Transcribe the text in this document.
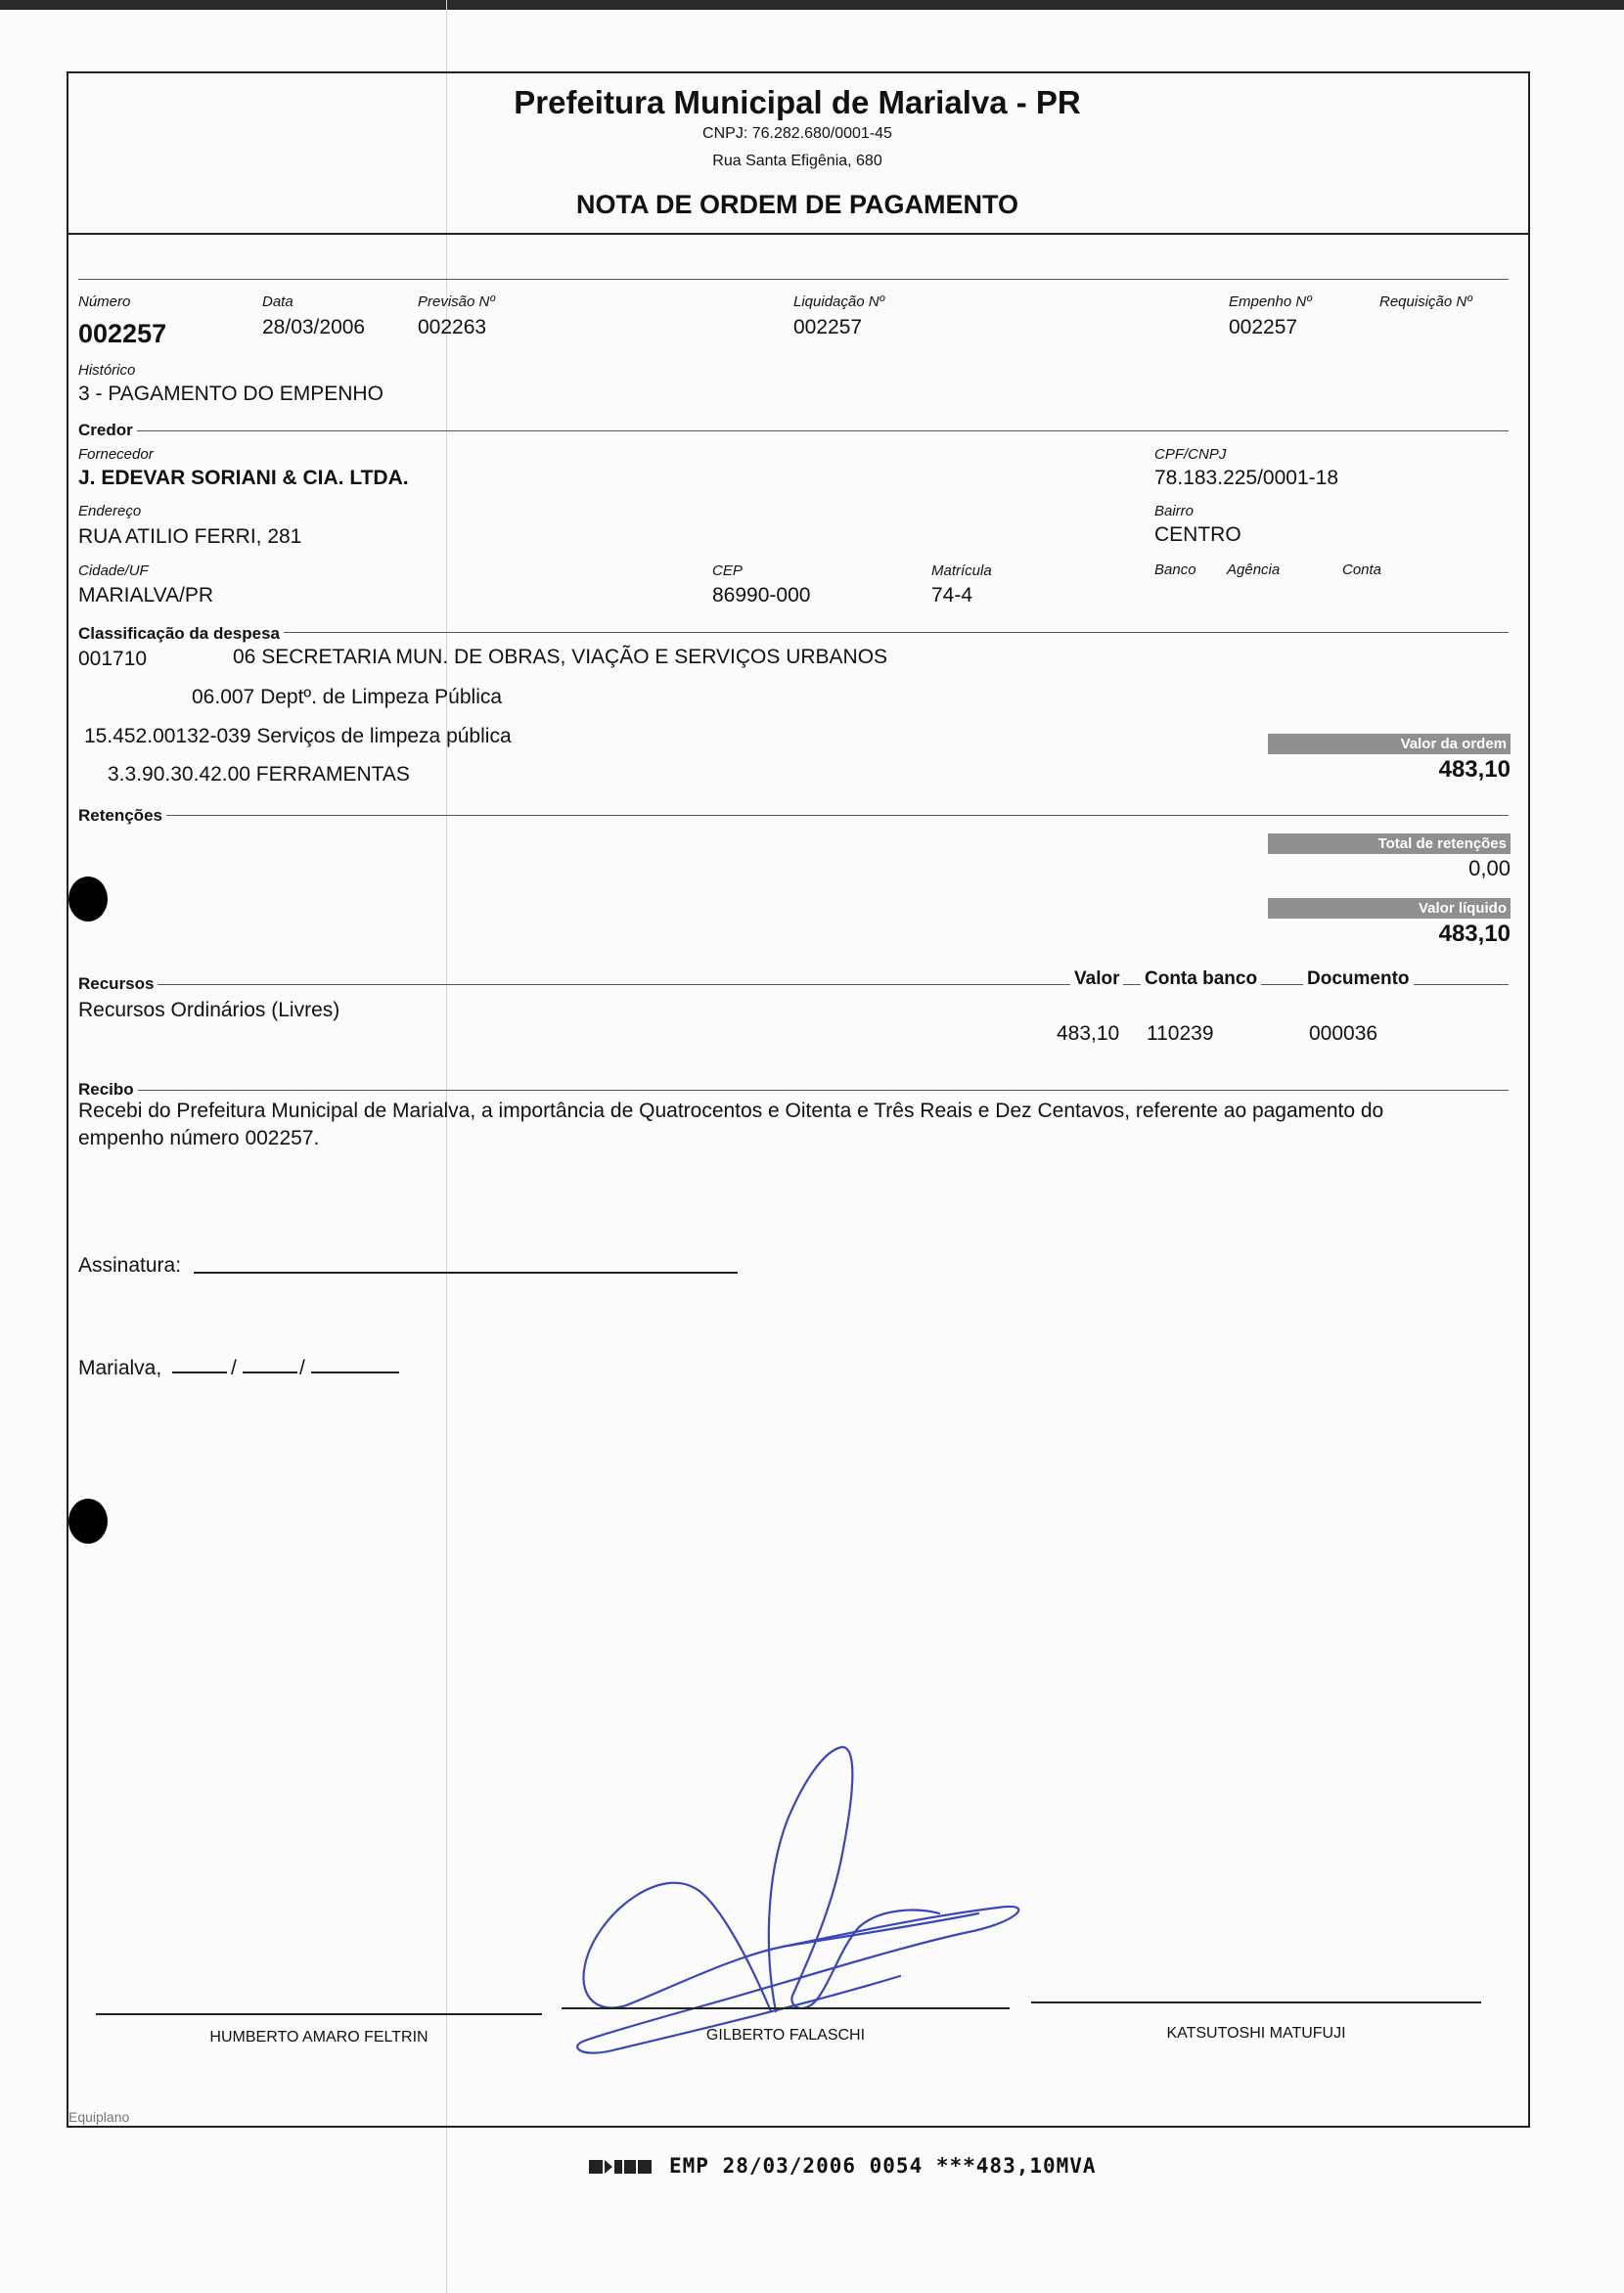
Prefeitura Municipal de Marialva - PR
CNPJ: 76.282.680/0001-45
Rua Santa Efigênia, 680
NOTA DE ORDEM DE PAGAMENTO
Número
002257
Data
28/03/2006
Previsão Nº
002263
Liquidação Nº
002257
Empenho Nº
002257
Requisição Nº
Histórico
3 - PAGAMENTO DO EMPENHO
Credor
Fornecedor
J. EDEVAR SORIANI & CIA. LTDA.
CPF/CNPJ
78.183.225/0001-18
Endereço
RUA ATILIO FERRI, 281
Bairro
CENTRO
Cidade/UF
MARIALVA/PR
CEP
86990-000
Matrícula
74-4
Banco Agência	Conta
Classificação da despesa
001710	06 SECRETARIA MUN. DE OBRAS, VIAÇÃO E SERVIÇOS URBANOS
06.007 Deptº. de Limpeza Pública
15.452.00132-039 Serviços de limpeza pública
3.3.90.30.42.00 FERRAMENTAS
Valor da ordem
483,10
Retenções
Total de retenções
0,00
Valor líquido
483,10
Recursos	Valor Conta banco	Documento
Recursos Ordinários (Livres)
483,10 110239	000036
Recibo
Recebi do Prefeitura Municipal de Marialva, a importância de Quatrocentos e Oitenta e Três Reais e Dez Centavos, referente ao pagamento do
empenho número 002257.
Assinatura:
Marialva,	/	/
HUMBERTO AMARO FELTRIN	GILBERTO FALASCHI	KATSUTOSHI MATUFUJI
Equiplano
EMP 28/03/2006 0054 ***483,10MVA
